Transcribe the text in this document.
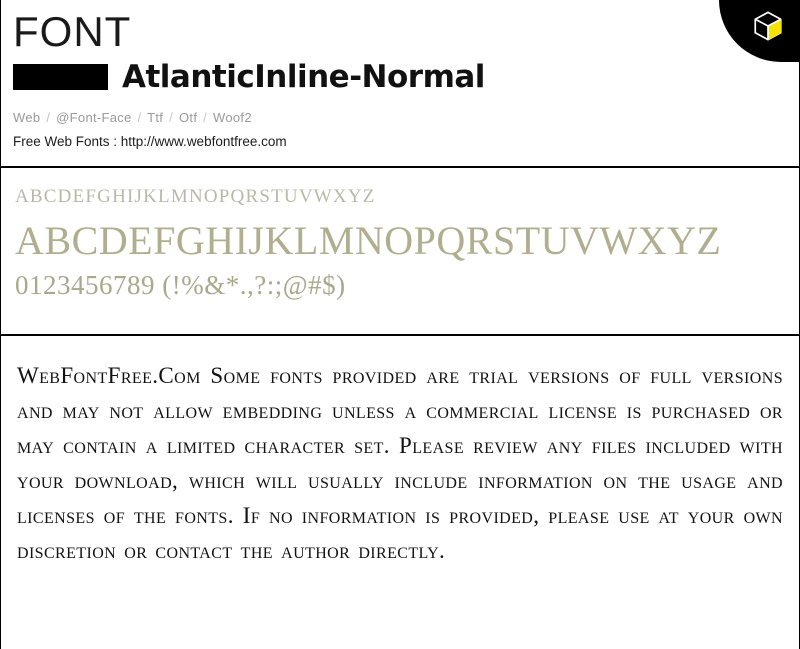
FONT
AtlanticInline-Normal
Web / @Font-Face / Ttf / Otf / Woof2
Free Web Fonts : http://www.webfontfree.com
ABCDEFGHIJKLMNOPQRSTUVWXYZ
ABCDEFGHIJKLMNOPQRSTUVWXYZ
0123456789 (!%&*.,?:;@#$)
WebFontFree.Com Some fonts provided are trial versions of full versions and may not allow embedding unless a commercial license is purchased or may contain a limited character set. Please review any files included with your download, which will usually include information on the usage and licenses of the fonts. If no information is provided, please use at your own discretion or contact the author directly.
